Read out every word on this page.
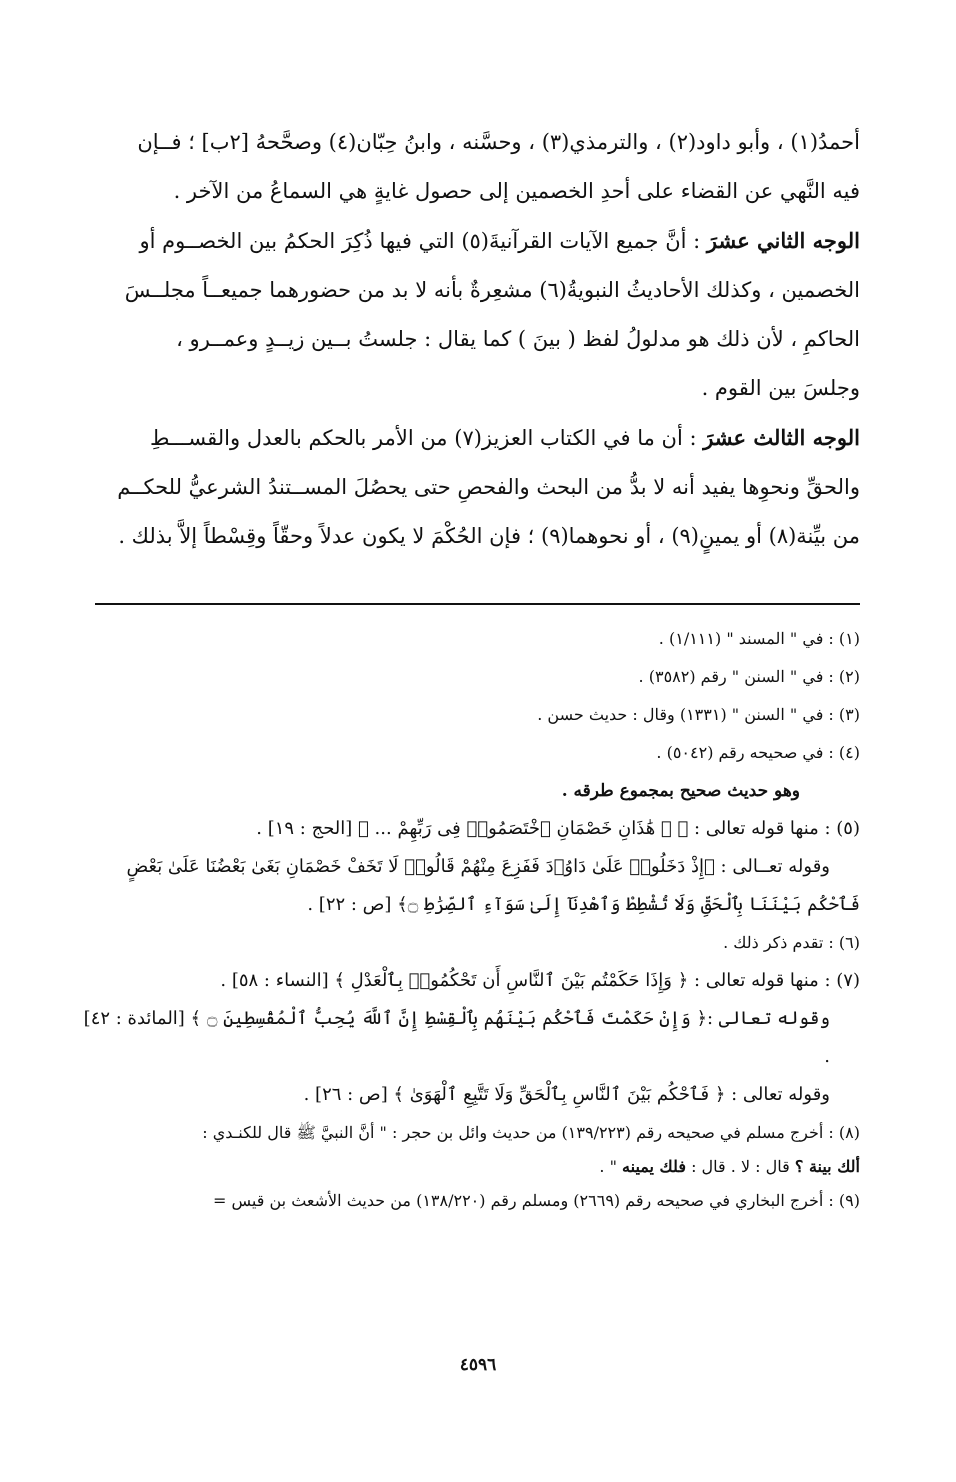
أحمدُ(١) ، وأبو داود(٢) ، والترمذي(٣) ، وحسَّنه ، وابنُ حِبّان(٤) وصحَّحهُ [٢ب] ؛ فــإن

فيه النَّهي عن القضاء على أحدِ الخصمين إلى حصول غايةٍ هي السماعُ من الآخر .

الوجه الثاني عشرَ : أنَّ جميع الآيات القرآنيةَ(٥) التي فيها ذُكِرَ الحكمُ بين الخصــوم أو

الخصمين ، وكذلك الأحاديثُ النبويةُ(٦) مشعِرةٌ بأنه لا بد من حضورهما جميعــاً مجلــسَ

الحاكمِ ، لأن ذلك هو مدلولُ لفظ ( بينَ ) كما يقال : جلستُ بــين زيــدٍ وعمــرو ،

وجلسَ بين القوم .

الوجه الثالث عشرَ : أن ما في الكتاب العزيز(٧) من الأمر بالحكم بالعدل والقســـطِ

والحقِّ ونحوِها يفيد أنه لا بدُّ من البحث والفحصِ حتى يحصُلَ المســتندُ الشرعيُّ للحكــم

من بيِّنة(٨) أو يمينٍ(٩) ، أو نحوهما(٩) ؛ فإن الحُكْمَ لا يكون عدلاً وحقّاً وقِسْطاً إلاَّ بذلك .

(١) : في " المسند " (١/١١١) .

(٢) : في " السنن " رقم (٣٥٨٢) .

(٣) : في " السنن " (١٣٣١) وقال : حديث حسن .

(٤) : في صحيحه رقم (٥٠٤٢) .

وهو حديث صحيح بمجموع طرقه .

(٥) : منها قوله تعالى : ﴿ ۞ هَٰذَانِ خَصْمَانِ ٱخْتَصَمُوا۟ فِى رَبِّهِمْ ... ﴾ [الحج : ١٩] .

وقوله تعــالى : ﴿إِذْ دَخَلُوا۟ عَلَىٰ دَاوُۥدَ فَفَزِعَ مِنْهُمْ قَالُوا۟ لَا تَخَفْ خَصْمَانِ بَغَىٰ بَعْضُنَا عَلَىٰ بَعْضٍ

فَٱحْكُم بَيْنَنَا بِٱلْحَقِّ وَلَا تُشْطِطْ وَٱهْدِنَآ إِلَىٰ سَوَآءِ ٱلصِّرَٰطِ ۝﴾ [ص : ٢٢] .

(٦) : تقدم ذكر ذلك .

(٧) : منها قوله تعالى : ﴿ وَإِذَا حَكَمْتُم بَيْنَ ٱلنَّاسِ أَن تَحْكُمُوا۟ بِٱلْعَدْلِ ﴾ [النساء : ٥٨] .

وقوله تعالى :﴿ وَإِنْ حَكَمْتَ فَٱحْكُم بَيْنَهُم بِٱلْقِسْطِ إِنَّ ٱللَّهَ يُحِبُّ ٱلْمُقْسِطِينَ ۝ ﴾ [المائدة : ٤٢] .

وقوله تعالى : ﴿ فَٱحْكُم بَيْنَ ٱلنَّاسِ بِٱلْحَقِّ وَلَا تَتَّبِعِ ٱلْهَوَىٰ ﴾ [ص : ٢٦] .

(٨) : أخرج مسلم في صحيحه رقم (١٣٩/٢٢٣) من حديث وائل بن حجر : " أنَّ النبيَّ ﷺ قال للكنـدي :

ألك بينة ؟ قال : لا . قال : فلك يمينه " .

(٩) : أخرج البخاري في صحيحه رقم (٢٦٦٩) ومسلم رقم (١٣٨/٢٢٠) من حديث الأشعث بن قيس =

٤٥٩٦
